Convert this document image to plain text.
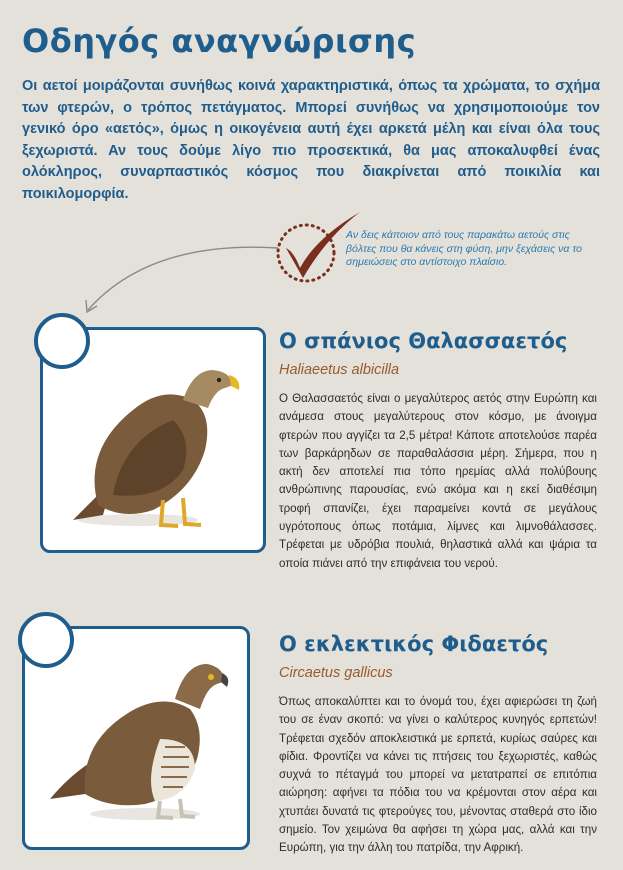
Οδηγός αναγνώρισης

Οι αετοί μοιράζονται συνήθως κοινά χαρακτηριστικά, όπως τα χρώματα, το σχήμα των φτερών, ο τρόπος πετάγματος. Μπορεί συνήθως να χρησιμοποιούμε τον γενικό όρο «αετός», όμως η οικογένεια αυτή έχει αρκετά μέλη και είναι όλα τους ξεχωριστά. Αν τους δούμε λίγο πιο προσεκτικά, θα μας αποκαλυφθεί ένας ολόκληρος, συναρπαστικός κόσμος που διακρίνεται από ποικιλία και ποικιλομορφία.

Αν δεις κάποιον από τους παρακάτω αετούς στις βόλτες που θα κάνεις στη φύση, μην ξεχάσεις να το σημειώσεις στο αντίστοιχο πλαίσιο.

Ο σπάνιος Θαλασσαετός

Haliaeetus albicilla

Ο Θαλασσαετός είναι ο μεγαλύτερος αετός στην Ευρώπη και ανάμεσα στους μεγαλύτερους στον κόσμο, με άνοιγμα φτερών που αγγίζει τα 2,5 μέτρα! Κάποτε αποτελούσε παρέα των βαρκάρηδων σε παραθαλάσσια μέρη. Σήμερα, που η ακτή δεν αποτελεί πια τόπο ηρεμίας αλλά πολύβουης ανθρώπινης παρουσίας, ενώ ακόμα και η εκεί διαθέσιμη τροφή σπανίζει, έχει παραμείνει κοντά σε μεγάλους υγρότοπους όπως ποτάμια, λίμνες και λιμνοθάλασσες. Τρέφεται με υδρόβια πουλιά, θηλαστικά αλλά και ψάρια τα οποία πιάνει από την επιφάνεια του νερού.

Ο εκλεκτικός Φιδαετός

Circaetus gallicus

Όπως αποκαλύπτει και το όνομά του, έχει αφιερώσει τη ζωή του σε έναν σκοπό: να γίνει ο καλύτερος κυνηγός ερπετών! Τρέφεται σχεδόν αποκλειστικά με ερπετά, κυρίως σαύρες και φίδια. Φροντίζει να κάνει τις πτήσεις του ξεχωριστές, καθώς συχνά το πέταγμά του μπορεί να μετατραπεί σε επιτόπια αιώρηση: αφήνει τα πόδια του να κρέμονται στον αέρα και χτυπάει δυνατά τις φτερούγες του, μένοντας σταθερά στο ίδιο σημείο. Τον χειμώνα θα αφήσει τη χώρα μας, αλλά και την Ευρώπη, για την άλλη του πατρίδα, την Αφρική.
